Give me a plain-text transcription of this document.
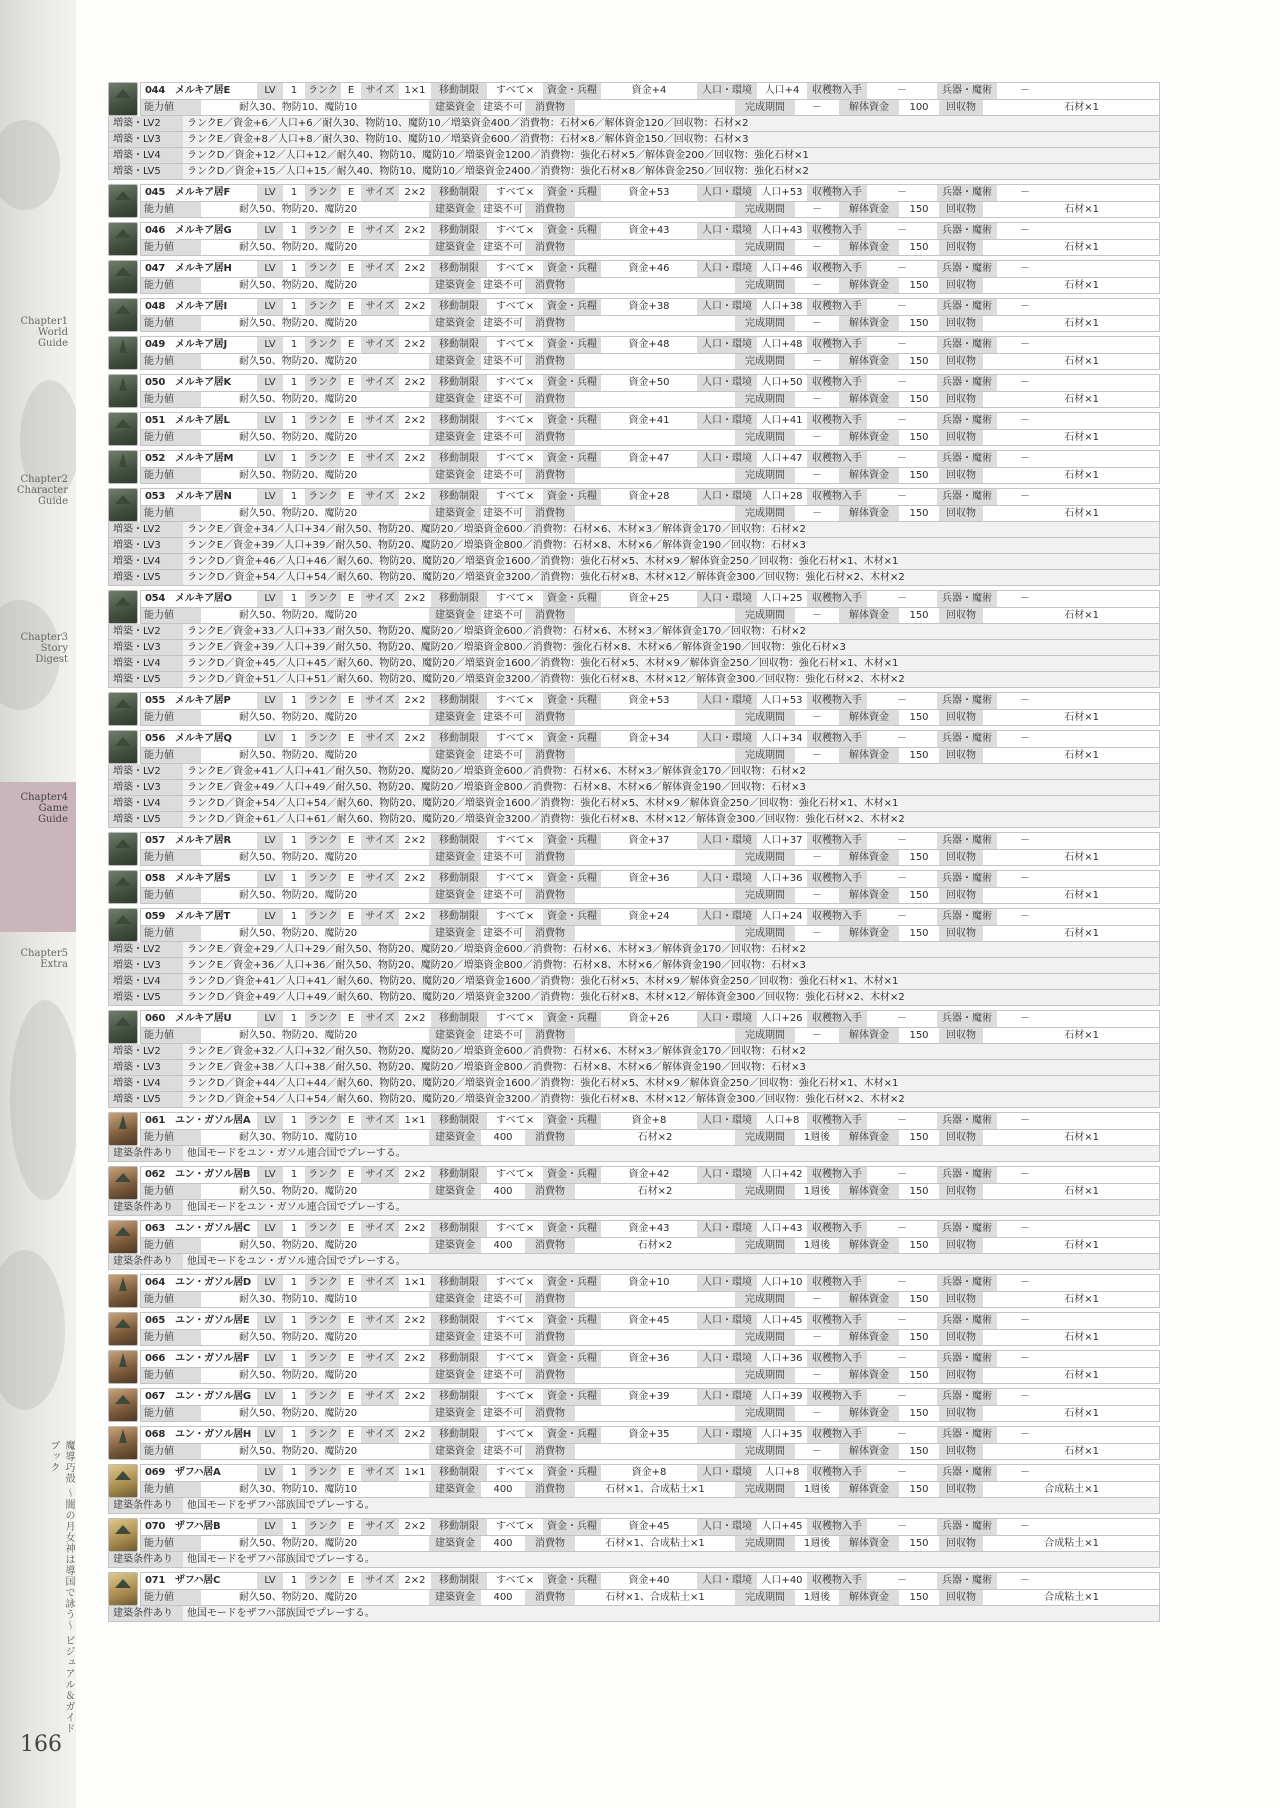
Chapter1
World
Guide
Chapter2
Character
Guide
Chapter3
Story
Digest
Chapter4
Game
Guide
Chapter5
Extra
魔導巧殻 ～闇の月女神は導国で詠う～ ビジュアル＆ガイドブック
166
044	メルキア居E	LV	1	ランク E	サイズ 1×1	移動制限	すべて×	資金・兵糧	資金+4	人口・環境	人口+4	収穫物入手	－	兵器・魔術	－
能力値	耐久30、物防10、魔防10	建築資金 建築不可	消費物	完成期間	－	解体資金	100	回収物	石材×1
増築・LV2	ランクE／資金+6／人口+6／耐久30、物防10、魔防10／増築資金400／消費物：石材×6／解体資金120／回収物：石材×2
増築・LV3	ランクE／資金+8／人口+8／耐久30、物防10、魔防10／増築資金600／消費物：石材×8／解体資金150／回収物：石材×3
増築・LV4	ランクD／資金+12／人口+12／耐久40、物防10、魔防10／増築資金1200／消費物：強化石材×5／解体資金200／回収物：強化石材×1
増築・LV5	ランクD／資金+15／人口+15／耐久40、物防10、魔防10／増築資金2400／消費物：強化石材×8／解体資金250／回収物：強化石材×2
045	メルキア居F	LV	1	ランク E	サイズ 2×2	移動制限	すべて×	資金・兵糧	資金+53	人口・環境 人口+53 収穫物入手	－	兵器・魔術	－
能力値	耐久50、物防20、魔防20	建築資金 建築不可	消費物	完成期間	－	解体資金	150	回収物	石材×1
046	メルキア居G	LV	1	ランク E	サイズ 2×2	移動制限	すべて×	資金・兵糧	資金+43	人口・環境 人口+43 収穫物入手	－	兵器・魔術	－
能力値	耐久50、物防20、魔防20	建築資金 建築不可	消費物	完成期間	－	解体資金	150	回収物	石材×1
047	メルキア居H	LV	1	ランク E	サイズ 2×2	移動制限	すべて×	資金・兵糧	資金+46	人口・環境 人口+46 収穫物入手	－	兵器・魔術	－
能力値	耐久50、物防20、魔防20	建築資金 建築不可	消費物	完成期間	－	解体資金	150	回収物	石材×1
048	メルキア居I	LV	1	ランク E	サイズ 2×2	移動制限	すべて×	資金・兵糧	資金+38	人口・環境 人口+38 収穫物入手	－	兵器・魔術	－
能力値	耐久50、物防20、魔防20	建築資金 建築不可	消費物	完成期間	－	解体資金	150	回収物	石材×1
049	メルキア居J	LV	1	ランク E	サイズ 2×2	移動制限	すべて×	資金・兵糧	資金+48	人口・環境 人口+48 収穫物入手	－	兵器・魔術	－
能力値	耐久50、物防20、魔防20	建築資金 建築不可	消費物	完成期間	－	解体資金	150	回収物	石材×1
050	メルキア居K	LV	1	ランク E	サイズ 2×2	移動制限	すべて×	資金・兵糧	資金+50	人口・環境 人口+50 収穫物入手	－	兵器・魔術	－
能力値	耐久50、物防20、魔防20	建築資金 建築不可	消費物	完成期間	－	解体資金	150	回収物	石材×1
051	メルキア居L	LV	1	ランク E	サイズ 2×2	移動制限	すべて×	資金・兵糧	資金+41	人口・環境 人口+41 収穫物入手	－	兵器・魔術	－
能力値	耐久50、物防20、魔防20	建築資金 建築不可	消費物	完成期間	－	解体資金	150	回収物	石材×1
052	メルキア居M	LV	1	ランク E	サイズ 2×2	移動制限	すべて×	資金・兵糧	資金+47	人口・環境 人口+47 収穫物入手	－	兵器・魔術	－
能力値	耐久50、物防20、魔防20	建築資金 建築不可	消費物	完成期間	－	解体資金	150	回収物	石材×1
053	メルキア居N	LV	1	ランク E	サイズ 2×2	移動制限	すべて×	資金・兵糧	資金+28	人口・環境 人口+28 収穫物入手	－	兵器・魔術	－
能力値	耐久50、物防20、魔防20	建築資金 建築不可	消費物	完成期間	－	解体資金	150	回収物	石材×1
増築・LV2	ランクE／資金+34／人口+34／耐久50、物防20、魔防20／増築資金600／消費物：石材×6、木材×3／解体資金170／回収物：石材×2
増築・LV3	ランクE／資金+39／人口+39／耐久50、物防20、魔防20／増築資金800／消費物：石材×8、木材×6／解体資金190／回収物：石材×3
増築・LV4	ランクD／資金+46／人口+46／耐久60、物防20、魔防20／増築資金1600／消費物：強化石材×5、木材×9／解体資金250／回収物：強化石材×1、木材×1
増築・LV5	ランクD／資金+54／人口+54／耐久60、物防20、魔防20／増築資金3200／消費物：強化石材×8、木材×12／解体資金300／回収物：強化石材×2、木材×2
054	メルキア居O	LV	1	ランク E	サイズ 2×2	移動制限	すべて×	資金・兵糧	資金+25	人口・環境 人口+25 収穫物入手	－	兵器・魔術	－
能力値	耐久50、物防20、魔防20	建築資金 建築不可	消費物	完成期間	－	解体資金	150	回収物	石材×1
増築・LV2	ランクE／資金+33／人口+33／耐久50、物防20、魔防20／増築資金600／消費物：石材×6、木材×3／解体資金170／回収物：石材×2
増築・LV3	ランクE／資金+39／人口+39／耐久50、物防20、魔防20／増築資金800／消費物：強化石材×8、木材×6／解体資金190／回収物：強化石材×3
増築・LV4	ランクD／資金+45／人口+45／耐久60、物防20、魔防20／増築資金1600／消費物：強化石材×5、木材×9／解体資金250／回収物：強化石材×1、木材×1
増築・LV5	ランクD／資金+51／人口+51／耐久60、物防20、魔防20／増築資金3200／消費物：強化石材×8、木材×12／解体資金300／回収物：強化石材×2、木材×2
055	メルキア居P	LV	1	ランク E	サイズ 2×2	移動制限	すべて×	資金・兵糧	資金+53	人口・環境 人口+53 収穫物入手	－	兵器・魔術	－
能力値	耐久50、物防20、魔防20	建築資金 建築不可	消費物	完成期間	－	解体資金	150	回収物	石材×1
056	メルキア居Q	LV	1	ランク E	サイズ 2×2	移動制限	すべて×	資金・兵糧	資金+34	人口・環境 人口+34 収穫物入手	－	兵器・魔術	－
能力値	耐久50、物防20、魔防20	建築資金 建築不可	消費物	完成期間	－	解体資金	150	回収物	石材×1
増築・LV2	ランクE／資金+41／人口+41／耐久50、物防20、魔防20／増築資金600／消費物：石材×6、木材×3／解体資金170／回収物：石材×2
増築・LV3	ランクE／資金+49／人口+49／耐久50、物防20、魔防20／増築資金800／消費物：石材×8、木材×6／解体資金190／回収物：石材×3
増築・LV4	ランクD／資金+54／人口+54／耐久60、物防20、魔防20／増築資金1600／消費物：強化石材×5、木材×9／解体資金250／回収物：強化石材×1、木材×1
増築・LV5	ランクD／資金+61／人口+61／耐久60、物防20、魔防20／増築資金3200／消費物：強化石材×8、木材×12／解体資金300／回収物：強化石材×2、木材×2
057	メルキア居R	LV	1	ランク E	サイズ 2×2	移動制限	すべて×	資金・兵糧	資金+37	人口・環境 人口+37 収穫物入手	－	兵器・魔術	－
能力値	耐久50、物防20、魔防20	建築資金 建築不可	消費物	完成期間	－	解体資金	150	回収物	石材×1
058	メルキア居S	LV	1	ランク E	サイズ 2×2	移動制限	すべて×	資金・兵糧	資金+36	人口・環境 人口+36 収穫物入手	－	兵器・魔術	－
能力値	耐久50、物防20、魔防20	建築資金 建築不可	消費物	完成期間	－	解体資金	150	回収物	石材×1
059	メルキア居T	LV	1	ランク E	サイズ 2×2	移動制限	すべて×	資金・兵糧	資金+24	人口・環境 人口+24 収穫物入手	－	兵器・魔術	－
能力値	耐久50、物防20、魔防20	建築資金 建築不可	消費物	完成期間	－	解体資金	150	回収物	石材×1
増築・LV2	ランクE／資金+29／人口+29／耐久50、物防20、魔防20／増築資金600／消費物：石材×6、木材×3／解体資金170／回収物：石材×2
増築・LV3	ランクE／資金+36／人口+36／耐久50、物防20、魔防20／増築資金800／消費物：石材×8、木材×6／解体資金190／回収物：石材×3
増築・LV4	ランクD／資金+41／人口+41／耐久60、物防20、魔防20／増築資金1600／消費物：強化石材×5、木材×9／解体資金250／回収物：強化石材×1、木材×1
増築・LV5	ランクD／資金+49／人口+49／耐久60、物防20、魔防20／増築資金3200／消費物：強化石材×8、木材×12／解体資金300／回収物：強化石材×2、木材×2
060	メルキア居U	LV	1	ランク E	サイズ 2×2	移動制限	すべて×	資金・兵糧	資金+26	人口・環境 人口+26 収穫物入手	－	兵器・魔術	－
能力値	耐久50、物防20、魔防20	建築資金 建築不可	消費物	完成期間	－	解体資金	150	回収物	石材×1
増築・LV2	ランクE／資金+32／人口+32／耐久50、物防20、魔防20／増築資金600／消費物：石材×6、木材×3／解体資金170／回収物：石材×2
増築・LV3	ランクE／資金+38／人口+38／耐久50、物防20、魔防20／増築資金800／消費物：石材×8、木材×6／解体資金190／回収物：石材×3
増築・LV4	ランクD／資金+44／人口+44／耐久60、物防20、魔防20／増築資金1600／消費物：強化石材×5、木材×9／解体資金250／回収物：強化石材×1、木材×1
増築・LV5	ランクD／資金+54／人口+54／耐久60、物防20、魔防20／増築資金3200／消費物：強化石材×8、木材×12／解体資金300／回収物：強化石材×2、木材×2
061	ユン・ガソル居A	LV	1	ランク E	サイズ 1×1	移動制限	すべて×	資金・兵糧	資金+8	人口・環境	人口+8	収穫物入手	－	兵器・魔術	－
能力値	耐久30、物防10、魔防10	建築資金	400	消費物	石材×2	完成期間	1週後	解体資金	150	回収物	石材×1
建築条件あり	他国モードをユン・ガソル連合国でプレーする。
062	ユン・ガソル居B	LV	1	ランク E	サイズ 2×2	移動制限	すべて×	資金・兵糧	資金+42	人口・環境 人口+42 収穫物入手	－	兵器・魔術	－
能力値	耐久50、物防20、魔防20	建築資金	400	消費物	石材×2	完成期間	1週後	解体資金	150	回収物	石材×1
建築条件あり	他国モードをユン・ガソル連合国でプレーする。
063	ユン・ガソル居C	LV	1	ランク E	サイズ 2×2	移動制限	すべて×	資金・兵糧	資金+43	人口・環境 人口+43 収穫物入手	－	兵器・魔術	－
能力値	耐久50、物防20、魔防20	建築資金	400	消費物	石材×2	完成期間	1週後	解体資金	150	回収物	石材×1
建築条件あり	他国モードをユン・ガソル連合国でプレーする。
064	ユン・ガソル居D	LV	1	ランク E	サイズ 1×1	移動制限	すべて×	資金・兵糧	資金+10	人口・環境 人口+10 収穫物入手	－	兵器・魔術	－
能力値	耐久30、物防10、魔防10	建築資金 建築不可	消費物	完成期間	－	解体資金	150	回収物	石材×1
065	ユン・ガソル居E	LV	1	ランク E	サイズ 2×2	移動制限	すべて×	資金・兵糧	資金+45	人口・環境 人口+45 収穫物入手	－	兵器・魔術	－
能力値	耐久50、物防20、魔防20	建築資金 建築不可	消費物	完成期間	－	解体資金	150	回収物	石材×1
066	ユン・ガソル居F	LV	1	ランク E	サイズ 2×2	移動制限	すべて×	資金・兵糧	資金+36	人口・環境 人口+36 収穫物入手	－	兵器・魔術	－
能力値	耐久50、物防20、魔防20	建築資金 建築不可	消費物	完成期間	－	解体資金	150	回収物	石材×1
067	ユン・ガソル居G	LV	1	ランク E	サイズ 2×2	移動制限	すべて×	資金・兵糧	資金+39	人口・環境 人口+39 収穫物入手	－	兵器・魔術	－
能力値	耐久50、物防20、魔防20	建築資金 建築不可	消費物	完成期間	－	解体資金	150	回収物	石材×1
068	ユン・ガソル居H	LV	1	ランク E	サイズ 2×2	移動制限	すべて×	資金・兵糧	資金+35	人口・環境 人口+35 収穫物入手	－	兵器・魔術	－
能力値	耐久50、物防20、魔防20	建築資金 建築不可	消費物	完成期間	－	解体資金	150	回収物	石材×1
069	ザフハ居A	LV	1	ランク E	サイズ 1×1	移動制限	すべて×	資金・兵糧	資金+8	人口・環境	人口+8	収穫物入手	－	兵器・魔術	－
能力値	耐久30、物防10、魔防10	建築資金	400	消費物	石材×1、合成粘土×1	完成期間	1週後	解体資金	150	回収物	合成粘土×1
建築条件あり	他国モードをザフハ部族国でプレーする。
070	ザフハ居B	LV	1	ランク E	サイズ 2×2	移動制限	すべて×	資金・兵糧	資金+45	人口・環境 人口+45 収穫物入手	－	兵器・魔術	－
能力値	耐久50、物防20、魔防20	建築資金	400	消費物	石材×1、合成粘土×1	完成期間	1週後	解体資金	150	回収物	合成粘土×1
建築条件あり	他国モードをザフハ部族国でプレーする。
071	ザフハ居C	LV	1	ランク E	サイズ 2×2	移動制限	すべて×	資金・兵糧	資金+40	人口・環境 人口+40 収穫物入手	－	兵器・魔術	－
能力値	耐久50、物防20、魔防20	建築資金	400	消費物	石材×1、合成粘土×1	完成期間	1週後	解体資金	150	回収物	合成粘土×1
建築条件あり	他国モードをザフハ部族国でプレーする。
